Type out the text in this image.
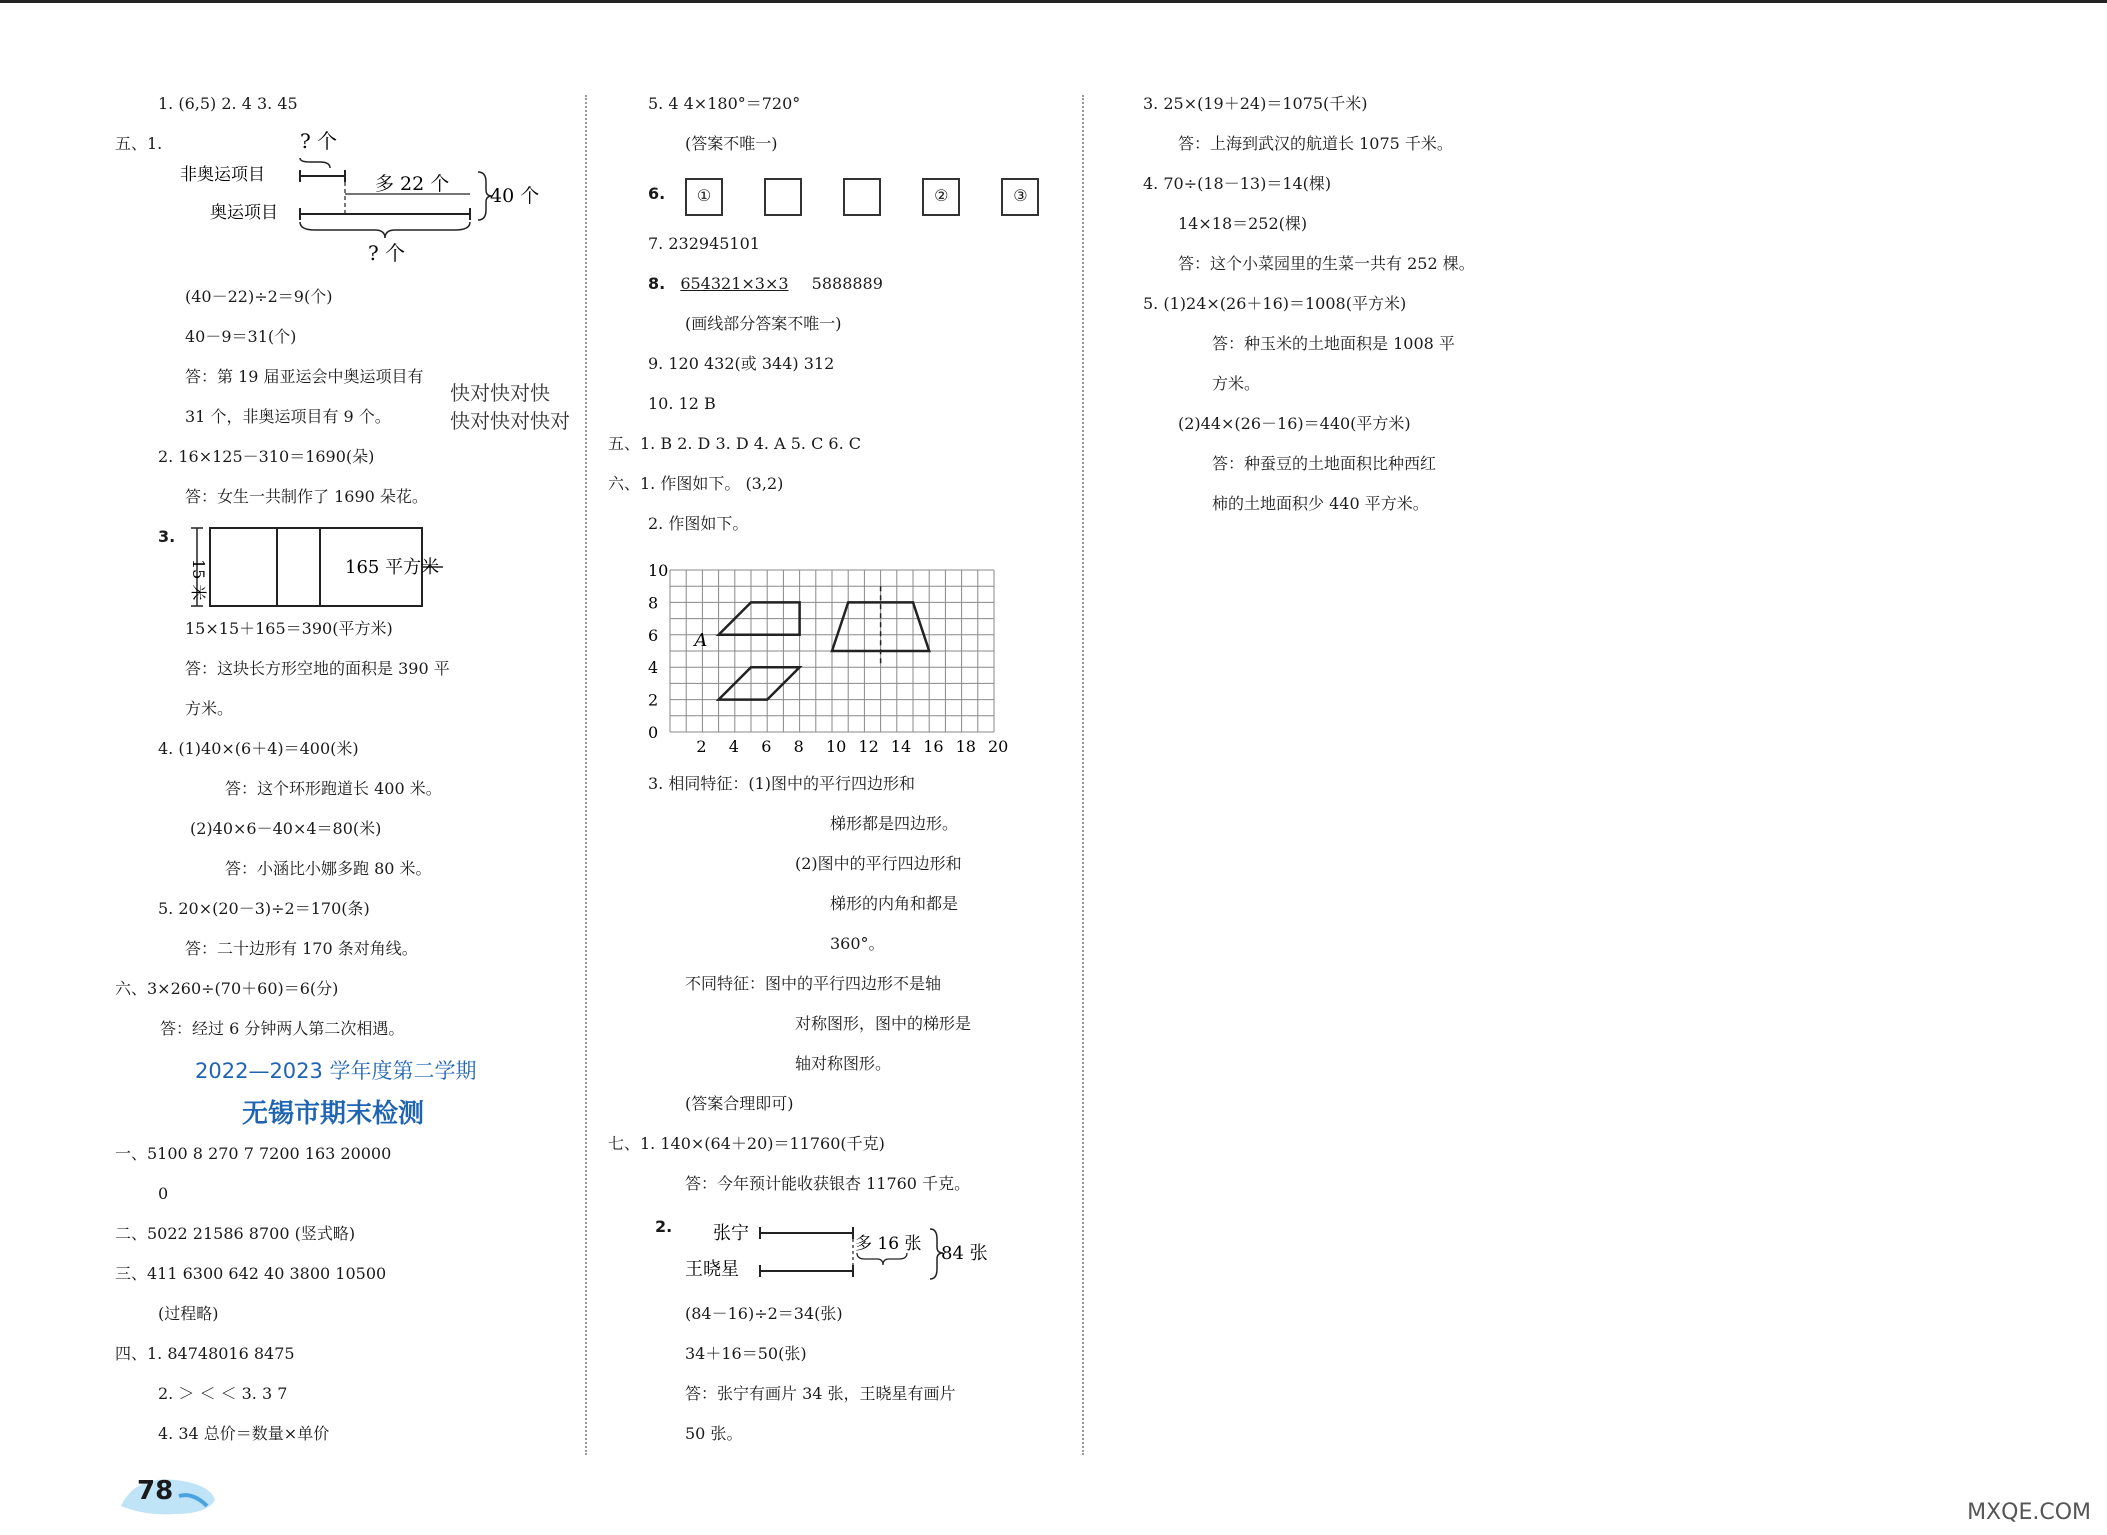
1. (6,5) 2. 4 3. 45
五、1.	? 个
非奥运项目
奥运项目
多 22 个
40 个
? 个
(40－22)÷2＝9(个)
40－9＝31(个)
答：第 19 届亚运会中奥运项目有
快对快对快
31 个，非奥运项目有 9 个。	快对快对快对
2. 16×125－310＝1690(朵)
答：女生一共制作了 1690 朵花。
3.
15 米	165 平方米
15×15＋165＝390(平方米)
答：这块长方形空地的面积是 390 平
方米。
4. (1)40×(6＋4)＝400(米)
答：这个环形跑道长 400 米。
(2)40×6－40×4＝80(米)
答：小涵比小娜多跑 80 米。
5. 20×(20－3)÷2＝170(条)
答：二十边形有 170 条对角线。
六、3×260÷(70＋60)＝6(分)
答：经过 6 分钟两人第二次相遇。
2022—2023 学年度第二学期
无锡市期末检测
一、5100 8 270 7 7200 163 20000
0
二、5022 21586 8700 (竖式略)
三、411 6300 642 40 3800 10500
(过程略)
四、1. 84748016 8475
2. ＞ ＜ ＜ 3. 3 7
4. 34 总价＝数量×单价
5. 4 4×180°＝720°
(答案不唯一)
6.	①	②	③
7. 232945101
8. 654321×3×3 5888889
(画线部分答案不唯一)
9. 120 432(或 344) 312
10. 12 B
五、1. B 2. D 3. D 4. A 5. C 6. C
六、1. 作图如下。 (3,2)
2. 作图如下。
2 4 6 8 10 12 14 16 18 20
0
2
4
6
8
10
A
3. 相同特征：(1)图中的平行四边形和
梯形都是四边形。
(2)图中的平行四边形和
梯形的内角和都是
360°。
不同特征：图中的平行四边形不是轴
对称图形，图中的梯形是
轴对称图形。
(答案合理即可)
七、1. 140×(64＋20)＝11760(千克)
答：今年预计能收获银杏 11760 千克。
2. 张宁
王晓星
多 16 张 84 张
(84－16)÷2＝34(张)
34＋16＝50(张)
答：张宁有画片 34 张，王晓星有画片
50 张。
3. 25×(19＋24)＝1075(千米)
答：上海到武汉的航道长 1075 千米。
4. 70÷(18－13)＝14(棵)
14×18＝252(棵)
答：这个小菜园里的生菜一共有 252 棵。
5. (1)24×(26＋16)＝1008(平方米)
答：种玉米的土地面积是 1008 平
方米。
(2)44×(26－16)＝440(平方米)
答：种蚕豆的土地面积比种西红
柿的土地面积少 440 平方米。
78
MXQE.COM
